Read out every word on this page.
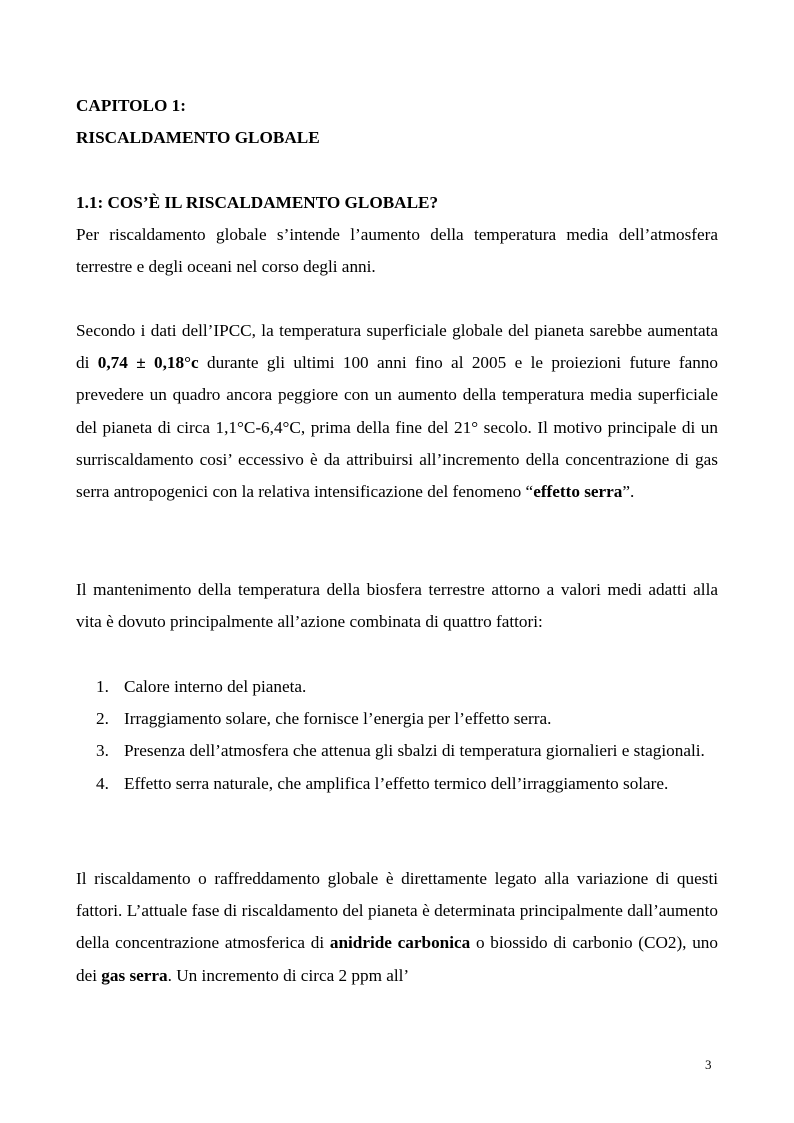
CAPITOLO 1:

RISCALDAMENTO GLOBALE

1.1: COS’È IL RISCALDAMENTO GLOBALE?

Per riscaldamento globale s’intende l’aumento della temperatura media dell’atmosfera terrestre e degli oceani nel corso degli anni.

Secondo i dati dell’IPCC, la temperatura superficiale globale del pianeta sarebbe aumentata di 0,74 ± 0,18°c durante gli ultimi 100 anni fino al 2005 e le proiezioni future fanno prevedere un quadro ancora peggiore con un aumento della temperatura media superficiale del pianeta di circa 1,1°C-6,4°C, prima della fine del 21° secolo. Il motivo principale di un surriscaldamento cosi’ eccessivo è da attribuirsi all’incremento della concentrazione di gas serra antropogenici con la relativa intensificazione del fenomeno “effetto serra”.

Il mantenimento della temperatura della biosfera terrestre attorno a valori medi adatti alla vita è dovuto principalmente all’azione combinata di quattro fattori:

1. Calore interno del pianeta.
2. Irraggiamento solare, che fornisce l’energia per l’effetto serra.
3. Presenza dell’atmosfera che attenua gli sbalzi di temperatura giornalieri e stagionali.
4. Effetto serra naturale, che amplifica l’effetto termico dell’irraggiamento solare.

Il riscaldamento o raffreddamento globale è direttamente legato alla variazione di questi fattori. L’attuale fase di riscaldamento del pianeta è determinata principalmente dall’aumento della concentrazione atmosferica di anidride carbonica o biossido di carbonio (CO2), uno dei gas serra. Un incremento di circa 2 ppm all’

3
